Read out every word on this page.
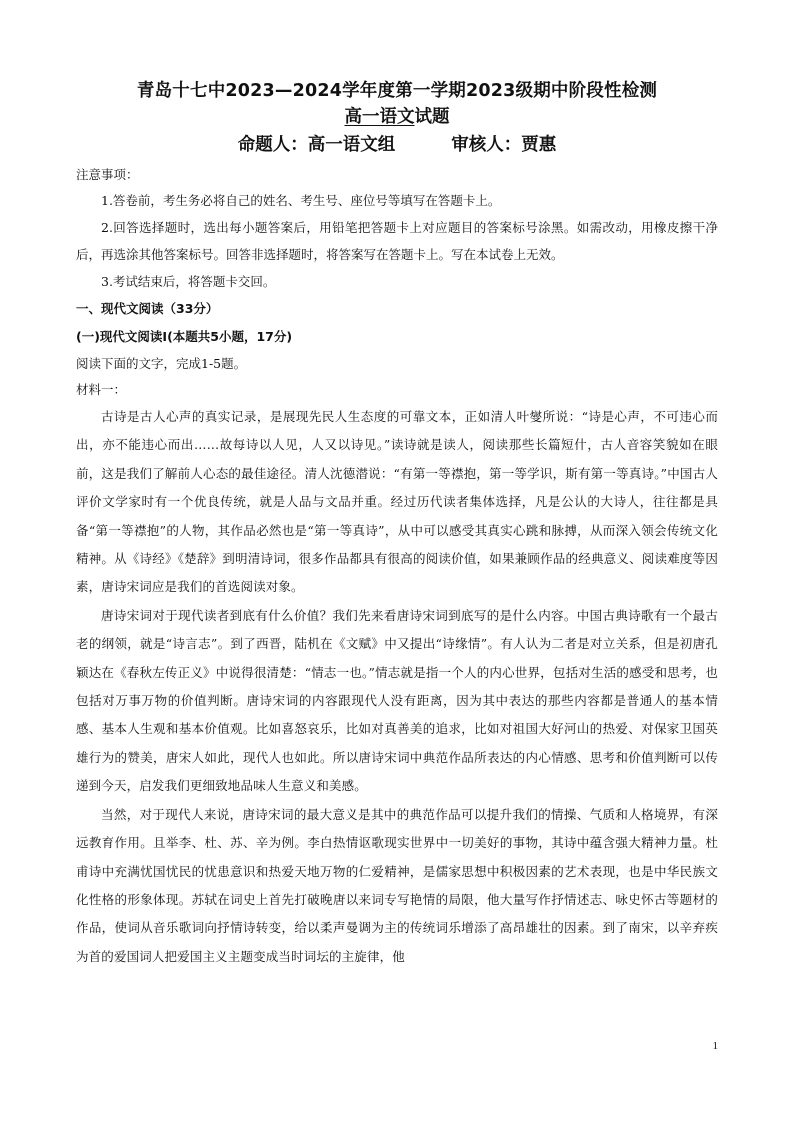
青岛十七中2023—2024学年度第一学期2023级期中阶段性检测
高一语文试题
命题人：高一语文组	审核人：贾惠

注意事项：

1.答卷前，考生务必将自己的姓名、考生号、座位号等填写在答题卡上。

2.回答选择题时，选出每小题答案后，用铅笔把答题卡上对应题目的答案标号涂黑。如需改动，用橡皮擦干净后，再选涂其他答案标号。回答非选择题时，将答案写在答题卡上。写在本试卷上无效。

3.考试结束后，将答题卡交回。

一、现代文阅读（33分）

(一)现代文阅读Ⅰ(本题共5小题，17分)

阅读下面的文字，完成1-5题。

材料一：

古诗是古人心声的真实记录，是展现先民人生态度的可靠文本，正如清人叶燮所说：“诗是心声，不可违心而出，亦不能违心而出……故每诗以人见，人又以诗见。”读诗就是读人，阅读那些长篇短什，古人音容笑貌如在眼前，这是我们了解前人心态的最佳途径。清人沈德潜说：“有第一等襟抱，第一等学识，斯有第一等真诗。”中国古人评价文学家时有一个优良传统，就是人品与文品并重。经过历代读者集体选择，凡是公认的大诗人，往往都是具备“第一等襟抱”的人物，其作品必然也是“第一等真诗”，从中可以感受其真实心跳和脉搏，从而深入领会传统文化精神。从《诗经》《楚辞》到明清诗词，很多作品都具有很高的阅读价值，如果兼顾作品的经典意义、阅读难度等因素，唐诗宋词应是我们的首选阅读对象。

唐诗宋词对于现代读者到底有什么价值？我们先来看唐诗宋词到底写的是什么内容。中国古典诗歌有一个最古老的纲领，就是“诗言志”。到了西晋，陆机在《文赋》中又提出“诗缘情”。有人认为二者是对立关系，但是初唐孔颖达在《春秋左传正义》中说得很清楚：“情志一也。”情志就是指一个人的内心世界，包括对生活的感受和思考，也包括对万事万物的价值判断。唐诗宋词的内容跟现代人没有距离，因为其中表达的那些内容都是普通人的基本情感、基本人生观和基本价值观。比如喜怒哀乐，比如对真善美的追求，比如对祖国大好河山的热爱、对保家卫国英雄行为的赞美，唐宋人如此，现代人也如此。所以唐诗宋词中典范作品所表达的内心情感、思考和价值判断可以传递到今天，启发我们更细致地品味人生意义和美感。

当然，对于现代人来说，唐诗宋词的最大意义是其中的典范作品可以提升我们的情操、气质和人格境界，有深远教育作用。且举李、杜、苏、辛为例。李白热情讴歌现实世界中一切美好的事物，其诗中蕴含强大精神力量。杜甫诗中充满忧国忧民的忧患意识和热爱天地万物的仁爱精神，是儒家思想中积极因素的艺术表现，也是中华民族文化性格的形象体现。苏轼在词史上首先打破晚唐以来词专写艳情的局限，他大量写作抒情述志、咏史怀古等题材的作品，使词从音乐歌词向抒情诗转变，给以柔声曼调为主的传统词乐增添了高昂雄壮的因素。到了南宋，以辛弃疾为首的爱国词人把爱国主义主题变成当时词坛的主旋律，他

1
